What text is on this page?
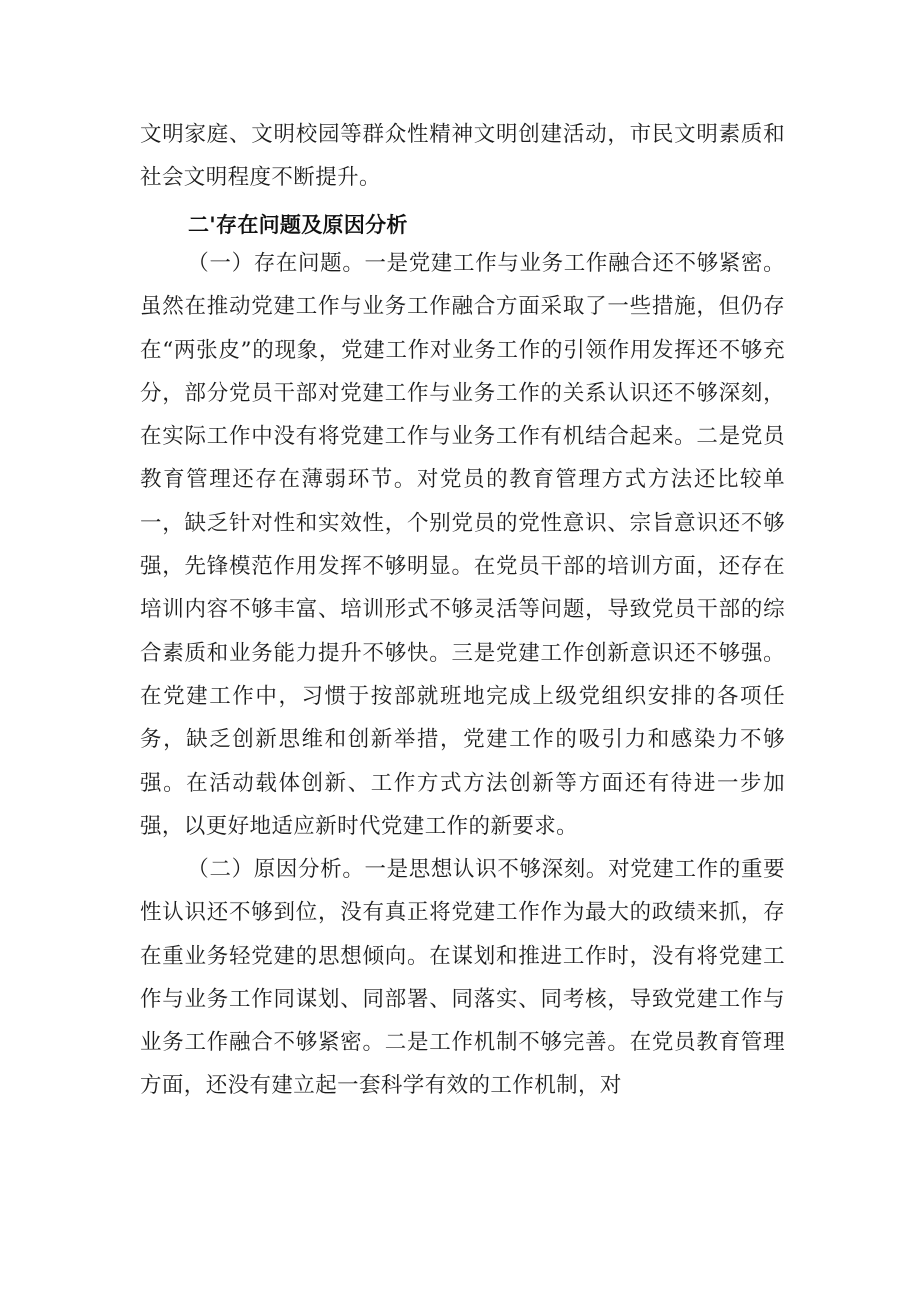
文明家庭、文明校园等群众性精神文明创建活动，市民文明素质和社会文明程度不断提升。

二'存在问题及原因分析

（一）存在问题。一是党建工作与业务工作融合还不够紧密。虽然在推动党建工作与业务工作融合方面采取了一些措施，但仍存在“两张皮”的现象，党建工作对业务工作的引领作用发挥还不够充分，部分党员干部对党建工作与业务工作的关系认识还不够深刻，在实际工作中没有将党建工作与业务工作有机结合起来。二是党员教育管理还存在薄弱环节。对党员的教育管理方式方法还比较单一，缺乏针对性和实效性，个别党员的党性意识、宗旨意识还不够强，先锋模范作用发挥不够明显。在党员干部的培训方面，还存在培训内容不够丰富、培训形式不够灵活等问题，导致党员干部的综合素质和业务能力提升不够快。三是党建工作创新意识还不够强。在党建工作中，习惯于按部就班地完成上级党组织安排的各项任务，缺乏创新思维和创新举措，党建工作的吸引力和感染力不够强。在活动载体创新、工作方式方法创新等方面还有待进一步加强，以更好地适应新时代党建工作的新要求。

（二）原因分析。一是思想认识不够深刻。对党建工作的重要性认识还不够到位，没有真正将党建工作作为最大的政绩来抓，存在重业务轻党建的思想倾向。在谋划和推进工作时，没有将党建工作与业务工作同谋划、同部署、同落实、同考核，导致党建工作与业务工作融合不够紧密。二是工作机制不够完善。在党员教育管理方面，还没有建立起一套科学有效的工作机制，对
